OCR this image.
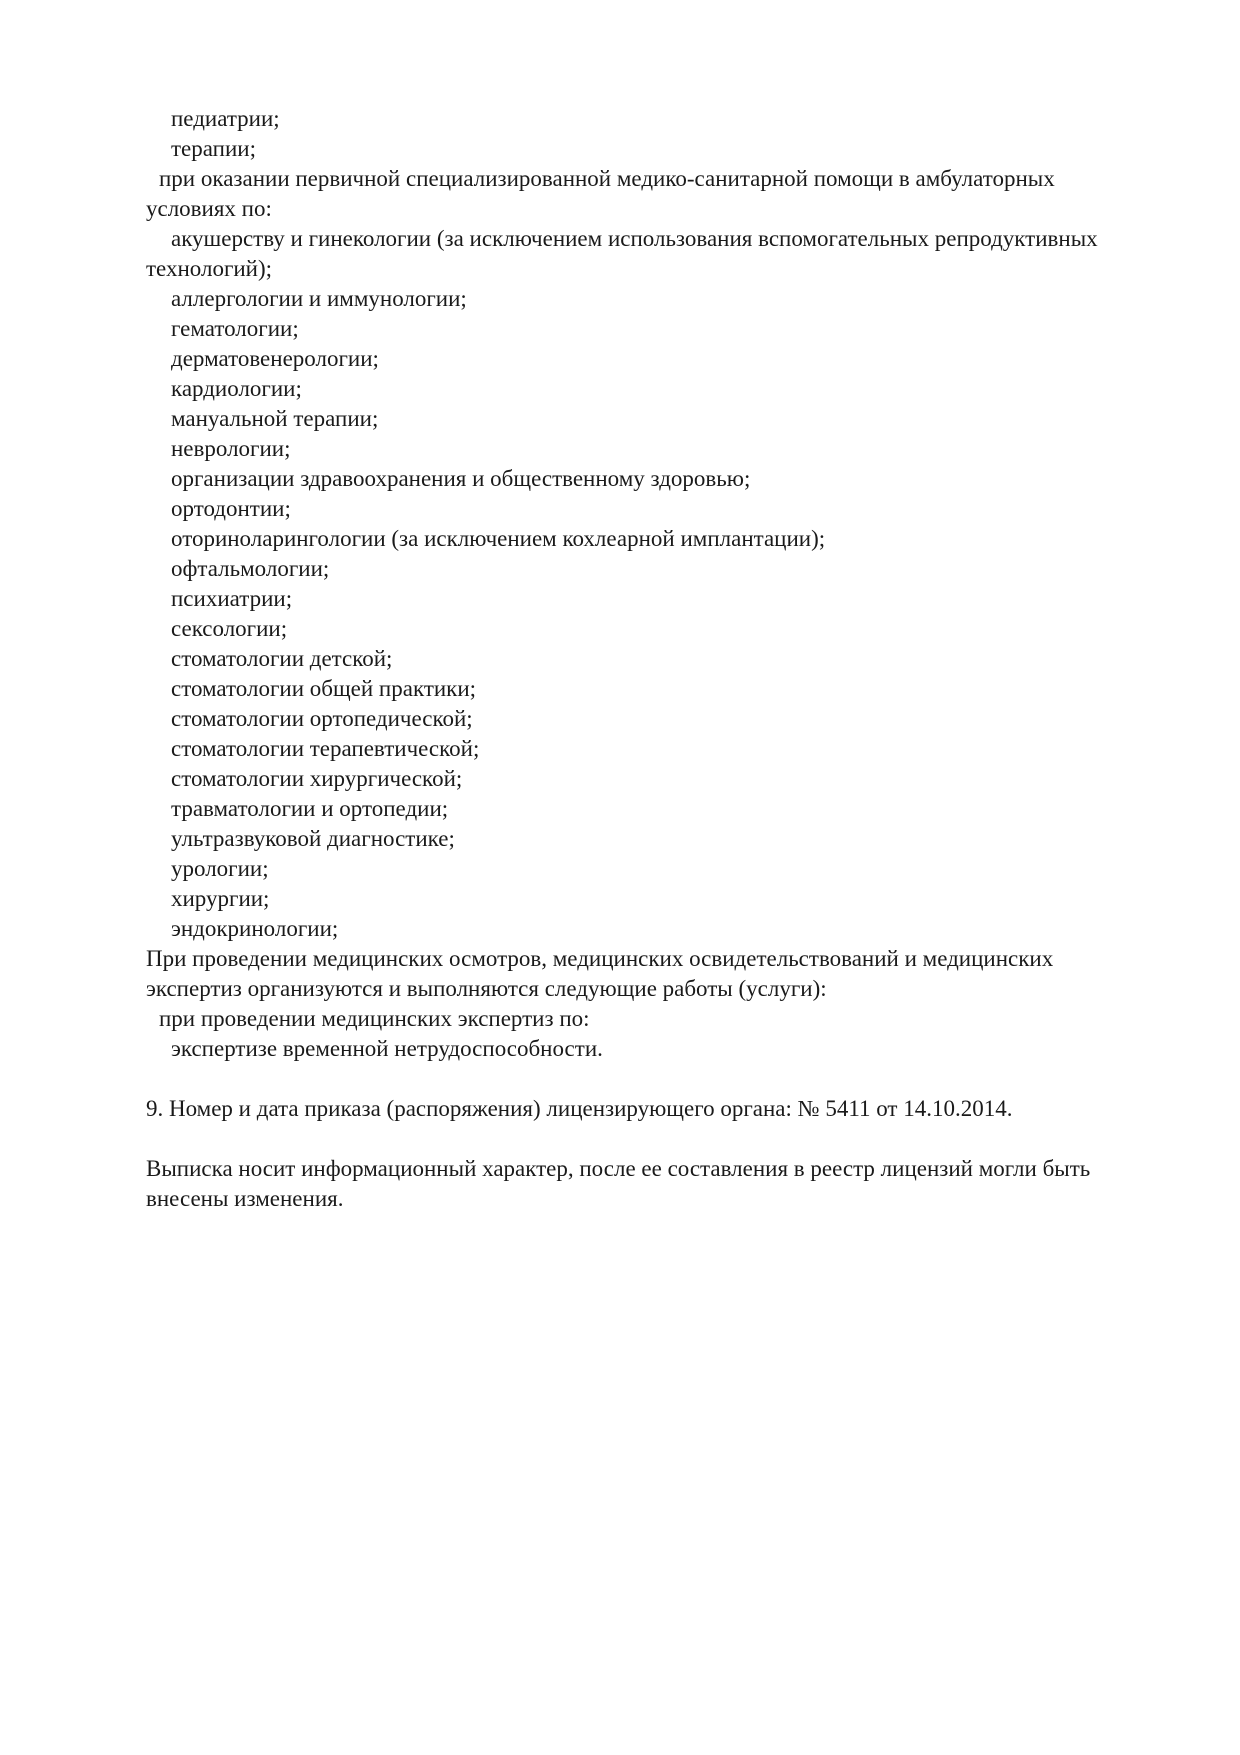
педиатрии;
терапии;
при оказании первичной специализированной медико-санитарной помощи в амбулаторных
условиях по:
акушерству и гинекологии (за исключением использования вспомогательных репродуктивных
технологий);
аллергологии и иммунологии;
гематологии;
дерматовенерологии;
кардиологии;
мануальной терапии;
неврологии;
организации здравоохранения и общественному здоровью;
ортодонтии;
оториноларингологии (за исключением кохлеарной имплантации);
офтальмологии;
психиатрии;
сексологии;
стоматологии детской;
стоматологии общей практики;
стоматологии ортопедической;
стоматологии терапевтической;
стоматологии хирургической;
травматологии и ортопедии;
ультразвуковой диагностике;
урологии;
хирургии;
эндокринологии;
При проведении медицинских осмотров, медицинских освидетельствований и медицинских
экспертиз организуются и выполняются следующие работы (услуги):
при проведении медицинских экспертиз по:
экспертизе временной нетрудоспособности.
9. Номер и дата приказа (распоряжения) лицензирующего органа: № 5411 от 14.10.2014.
Выписка носит информационный характер, после ее составления в реестр лицензий могли быть
внесены изменения.
